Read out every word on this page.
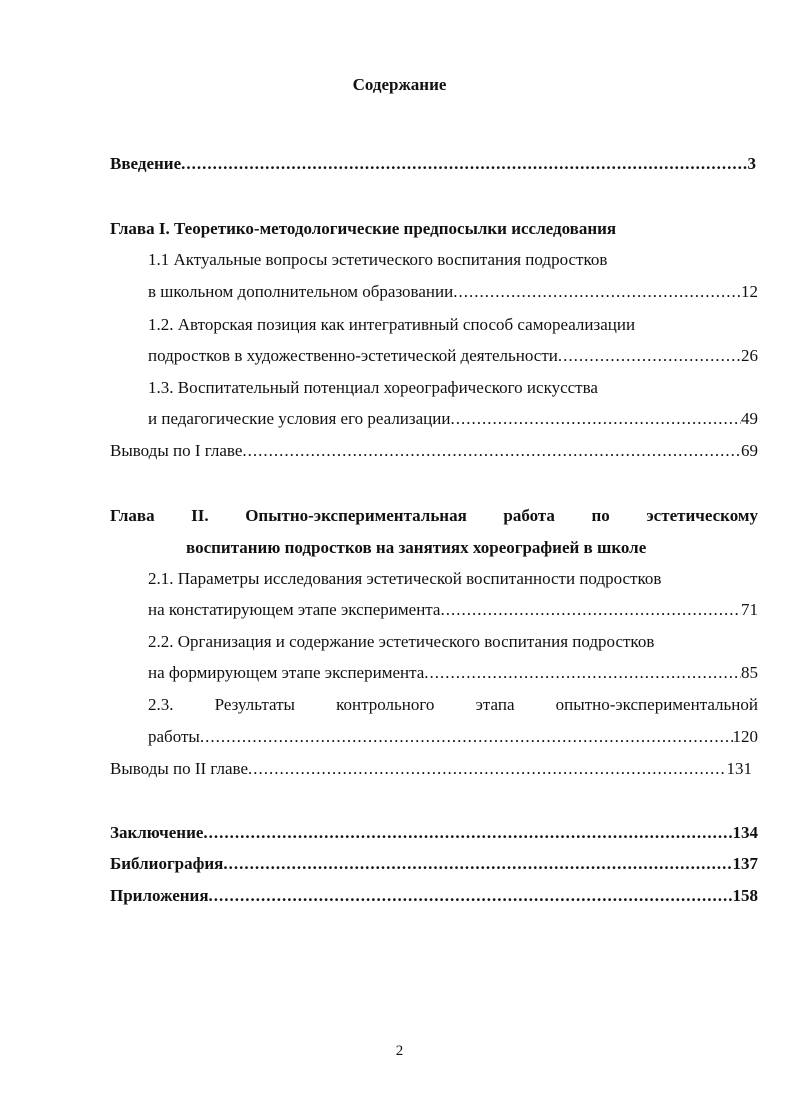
Содержание
Введение .....	3
Глава I. Теоретико-методологические предпосылки исследования
1.1 Актуальные вопросы эстетического воспитания подростков
в школьном дополнительном образовании .....	12
1.2. Авторская позиция как интегративный способ самореализации
подростков в художественно-эстетической деятельности .....	26
1.3. Воспитательный потенциал хореографического искусства
и педагогические условия его реализации .....	49
Выводы по I главе .....	69
Глава II. Опытно-экспериментальная работа по эстетическому
воспитанию подростков на занятиях хореографией в школе
2.1. Параметры исследования эстетической воспитанности подростков
на констатирующем этапе эксперимента .....	71
2.2. Организация и содержание эстетического воспитания подростков
на формирующем этапе эксперимента .....	85
2.3. Результаты контрольного этапа опытно-экспериментальной
работы .....	120
Выводы по II главе .....	131
Заключение .....	134
Библиография .....	137
Приложения .....	158
2
